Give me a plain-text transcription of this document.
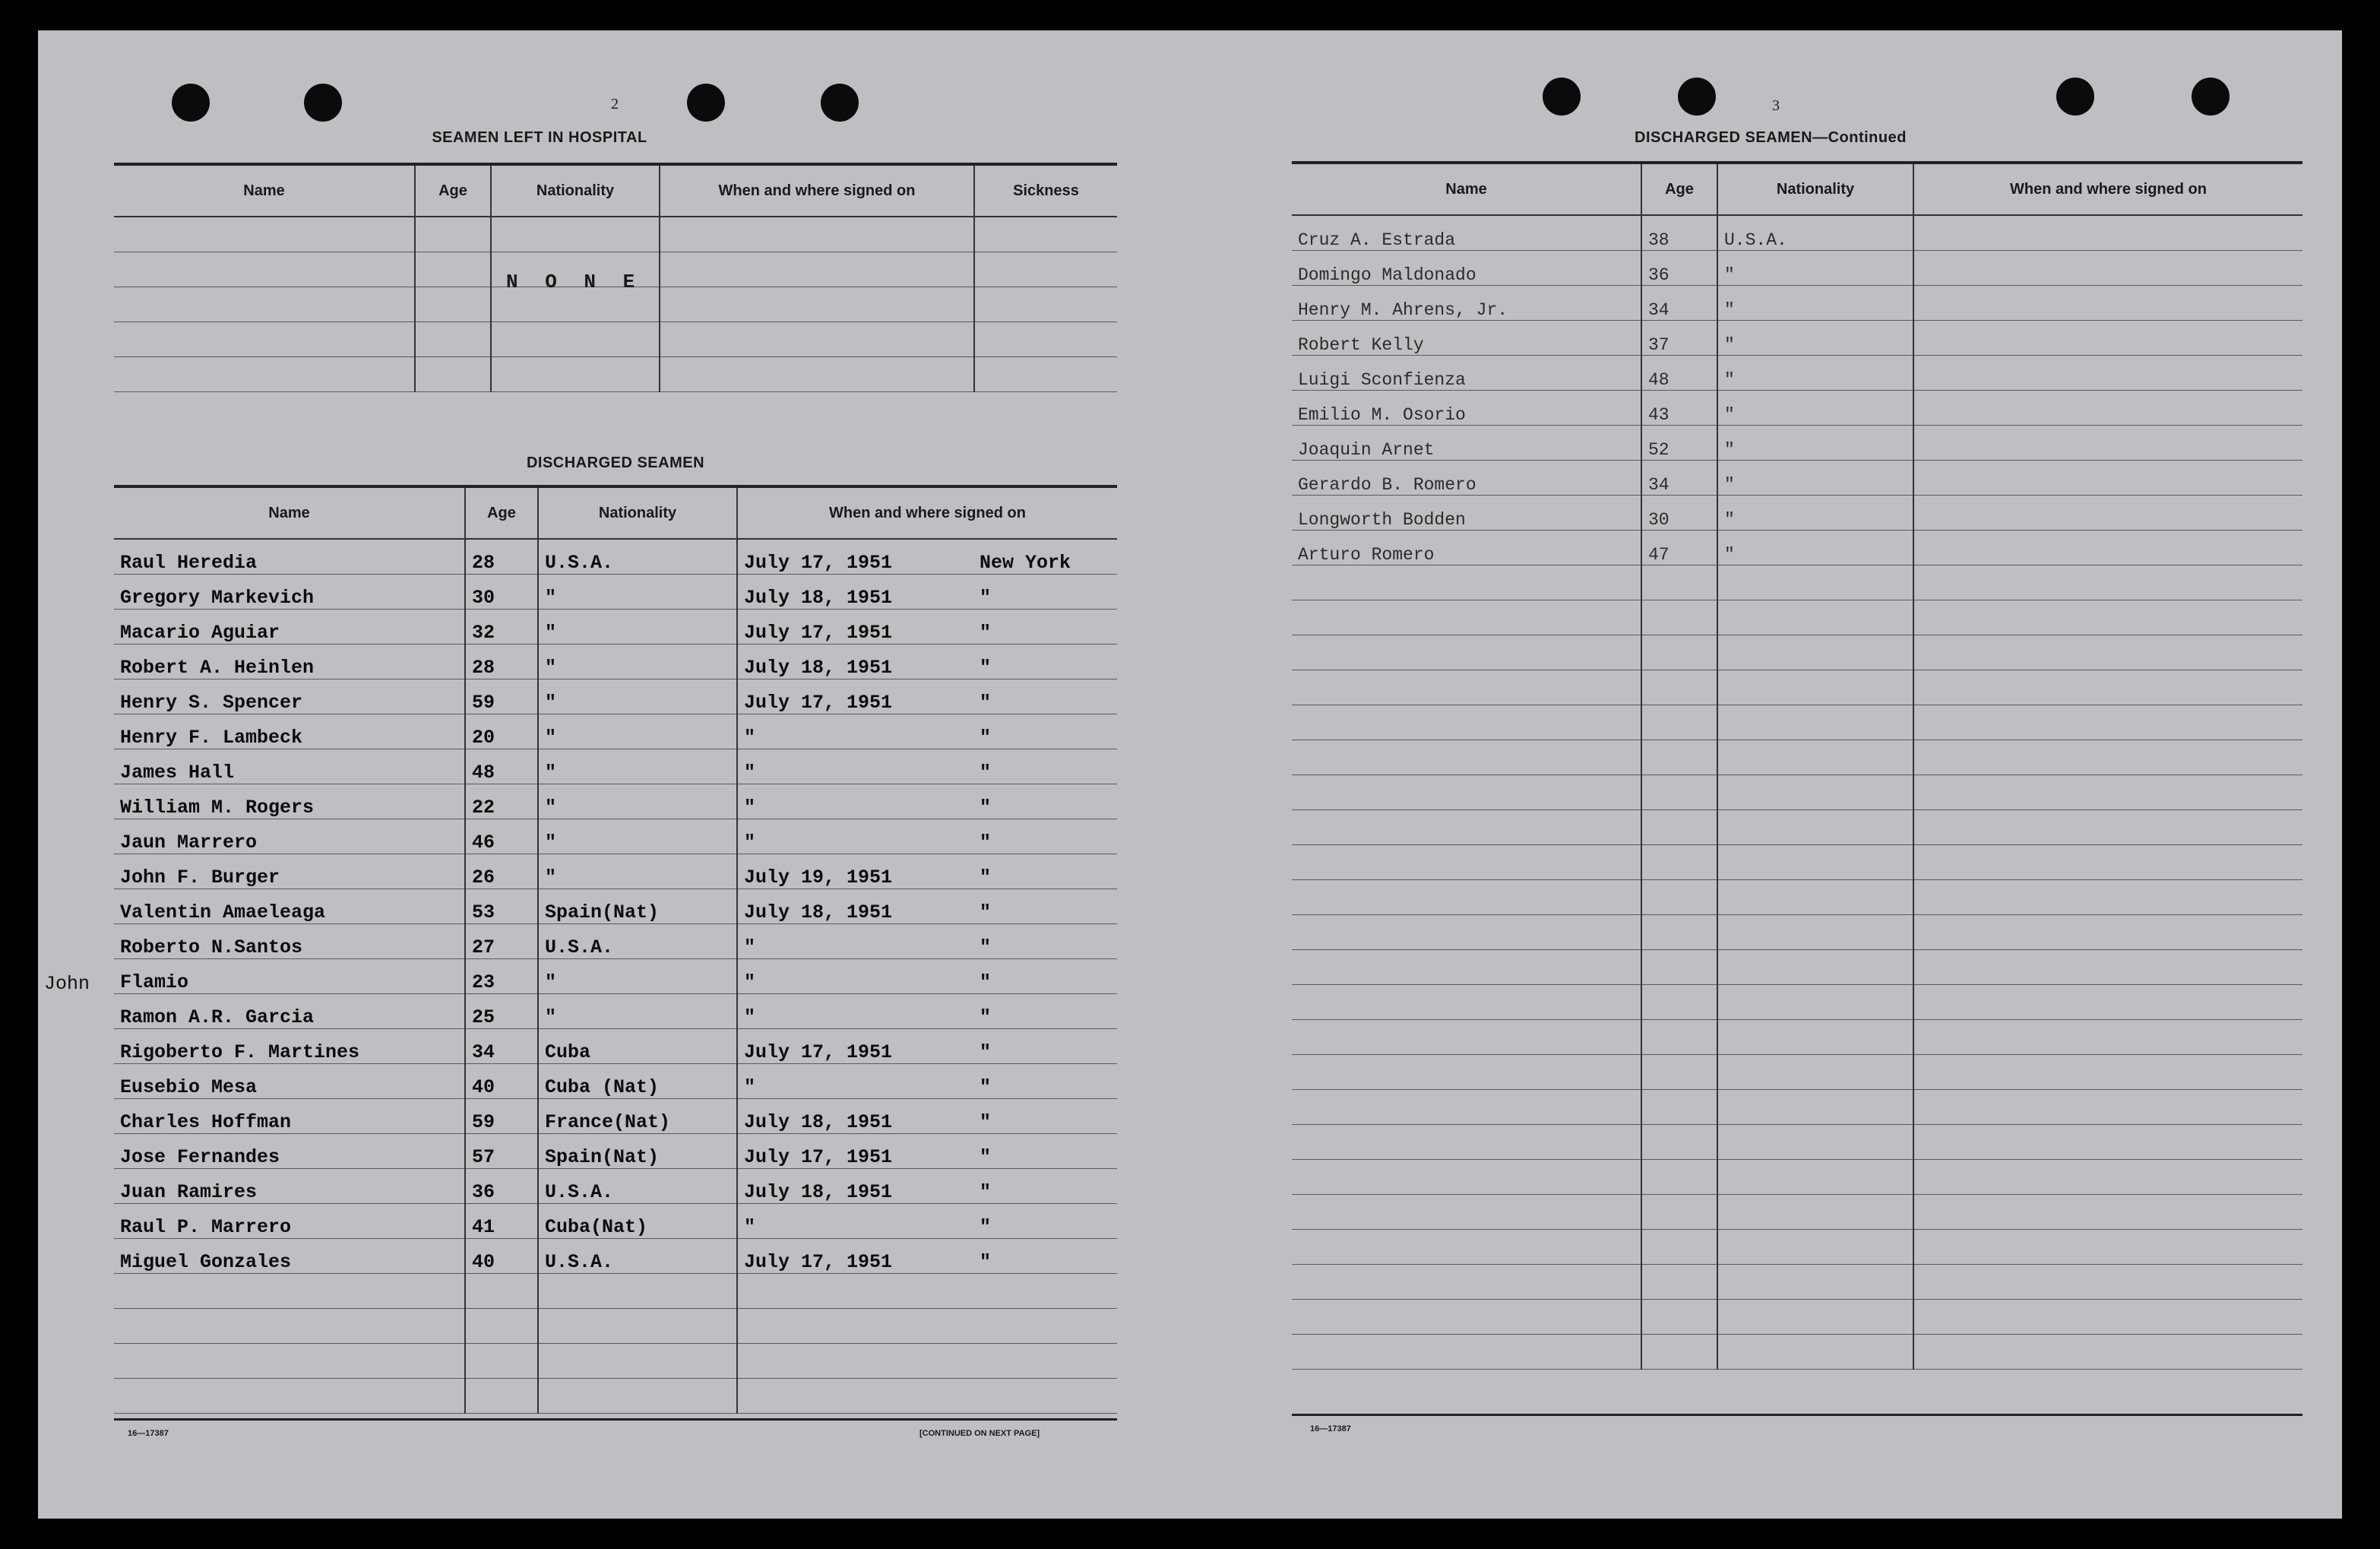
2
SEAMEN LEFT IN HOSPITAL
Name	Age	Nationality	When and where signed on	Sickness

N O N E
DISCHARGED SEAMEN
Name	Age	Nationality	When and where signed on
Raul Heredia	28	U.S.A.	July 17, 1951 New York
Gregory Markevich	30	"	July 18, 1951 "
Macario Aguiar	32	"	July 17, 1951 "
Robert A. Heinlen	28	"	July 18, 1951 "
Henry S. Spencer	59	"	July 17, 1951 "
Henry F. Lambeck	20	"	" "
James Hall	48	"	" "
William M. Rogers	22	"	" "
Jaun Marrero	46	"	" "
John F. Burger	26	"	July 19, 1951 "
Valentin Amaeleaga	53	Spain(Nat)	July 18, 1951 "
Roberto N.Santos	27	U.S.A.	" "
Flamio	23	"	" "
Ramon A.R. Garcia	25	"	" "
Rigoberto F. Martines	34	Cuba	July 17, 1951 "
Eusebio Mesa	40	Cuba (Nat)	" "
Charles Hoffman	59	France(Nat)	July 18, 1951 "
Jose Fernandes	57	Spain(Nat)	July 17, 1951 "
Juan Ramires	36	U.S.A.	July 18, 1951 "
Raul P. Marrero	41	Cuba(Nat)	" "
Miguel Gonzales	40	U.S.A.	July 17, 1951 "

John
16—17387	[CONTINUED ON NEXT PAGE]
3
DISCHARGED SEAMEN—Continued
Name	Age	Nationality	When and where signed on
Cruz A. Estrada	38	U.S.A.	
Domingo Maldonado	36	"	
Henry M. Ahrens, Jr.	34	"	
Robert Kelly	37	"	
Luigi Sconfienza	48	"	
Emilio M. Osorio	43	"	
Joaquin Arnet	52	"	
Gerardo B. Romero	34	"	
Longworth Bodden	30	"	
Arturo Romero	47	"	

16—17387
